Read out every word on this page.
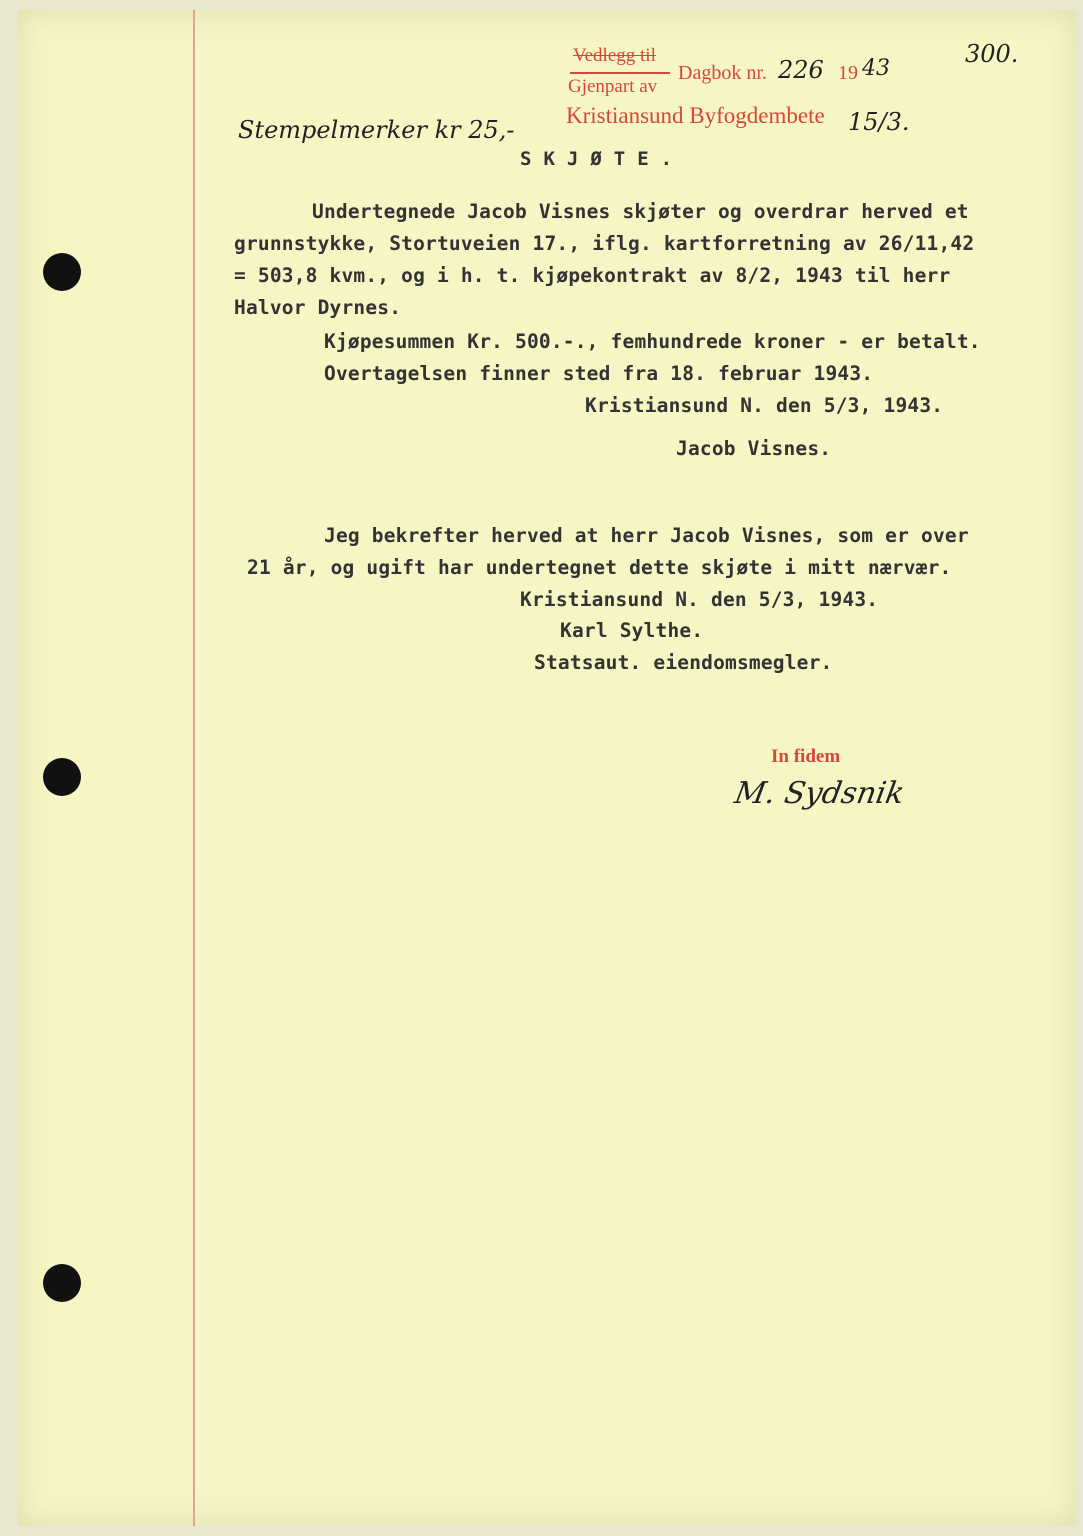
300.
Vedlegg til
Gjenpart av
Dagbok nr. 226 19 43
Kristiansund Byfogdembete 15/3.
Stempelmerker kr 25,-
SKJØTE.
Undertegnede Jacob Visnes skjøter og overdrar herved et
grunnstykke, Stortuveien 17., iflg. kartforretning av 26/11,42
= 503,8 kvm., og i h. t. kjøpekontrakt av 8/2, 1943 til herr
Halvor Dyrnes.
Kjøpesummen Kr. 500.-., femhundrede kroner - er betalt.
Overtagelsen finner sted fra 18. februar 1943.
Kristiansund N. den 5/3, 1943.
Jacob Visnes.
Jeg bekrefter herved at herr Jacob Visnes, som er over
21 år, og ugift har undertegnet dette skjøte i mitt nærvær.
Kristiansund N. den 5/3, 1943.
Karl Sylthe.
Statsaut. eiendomsmegler.
In fidem
M. Sydsnik
